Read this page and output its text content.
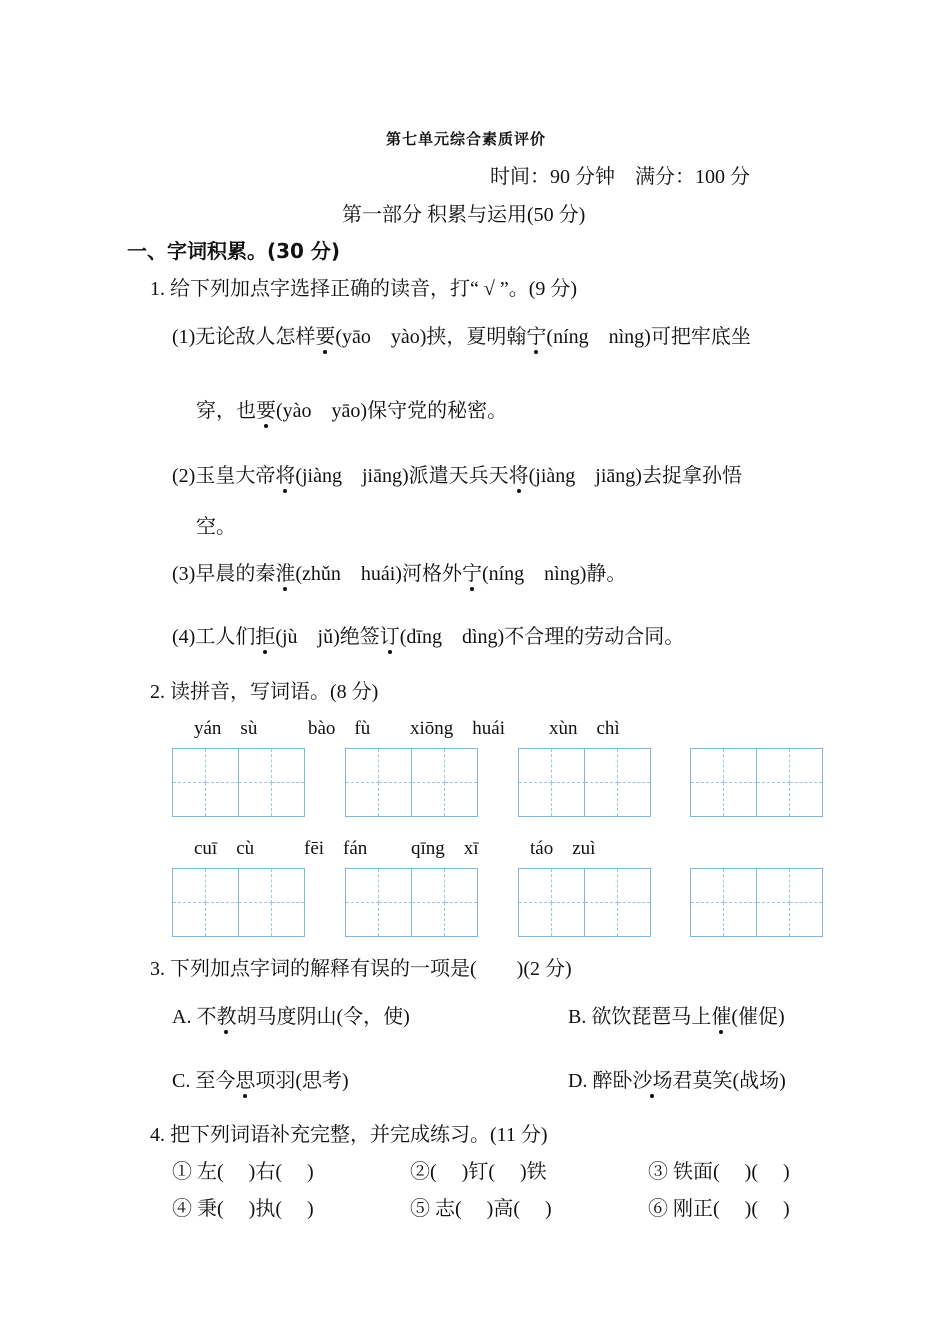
第七单元综合素质评价
时间：90 分钟　满分：100 分
第一部分 积累与运用(50 分)
一、字词积累。(30 分)
1. 给下列加点字选择正确的读音，打“ √ ”。(9 分)
(1)无论敌人怎样要(yāo　yào)挟，夏明翰宁(níng　nìng)可把牢底坐
穿，也要(yào　yāo)保守党的秘密。
(2)玉皇大帝将(jiàng　jiāng)派遣天兵天将(jiàng　jiāng)去捉拿孙悟
空。
(3)早晨的秦淮(zhǔn　huái)河格外宁(níng　nìng)静。
(4)工人们拒(jù　jǔ)绝签订(dīng　dìng)不合理的劳动合同。
2. 读拼音，写词语。(8 分)
yán　sù	bào　fù xiōng　huái xùn　chì
cuī　cù	fēi　fán qīng　xī	táo　zuì
3. 下列加点字词的解释有误的一项是(　　)(2 分)
A. 不教胡马度阴山(令，使)	B. 欲饮琵琶马上催(催促)
C. 至今思项羽(思考)	D. 醉卧沙场君莫笑(战场)
4. 把下列词语补充完整，并完成练习。(11 分)
① 左(　 )右(　 )	②(　 )钉(　 )铁	③ 铁面(　 )(　 )
④ 秉(　 )执(　 )	⑤ 志(　 )高(　 )	⑥ 刚正(　 )(　 )
